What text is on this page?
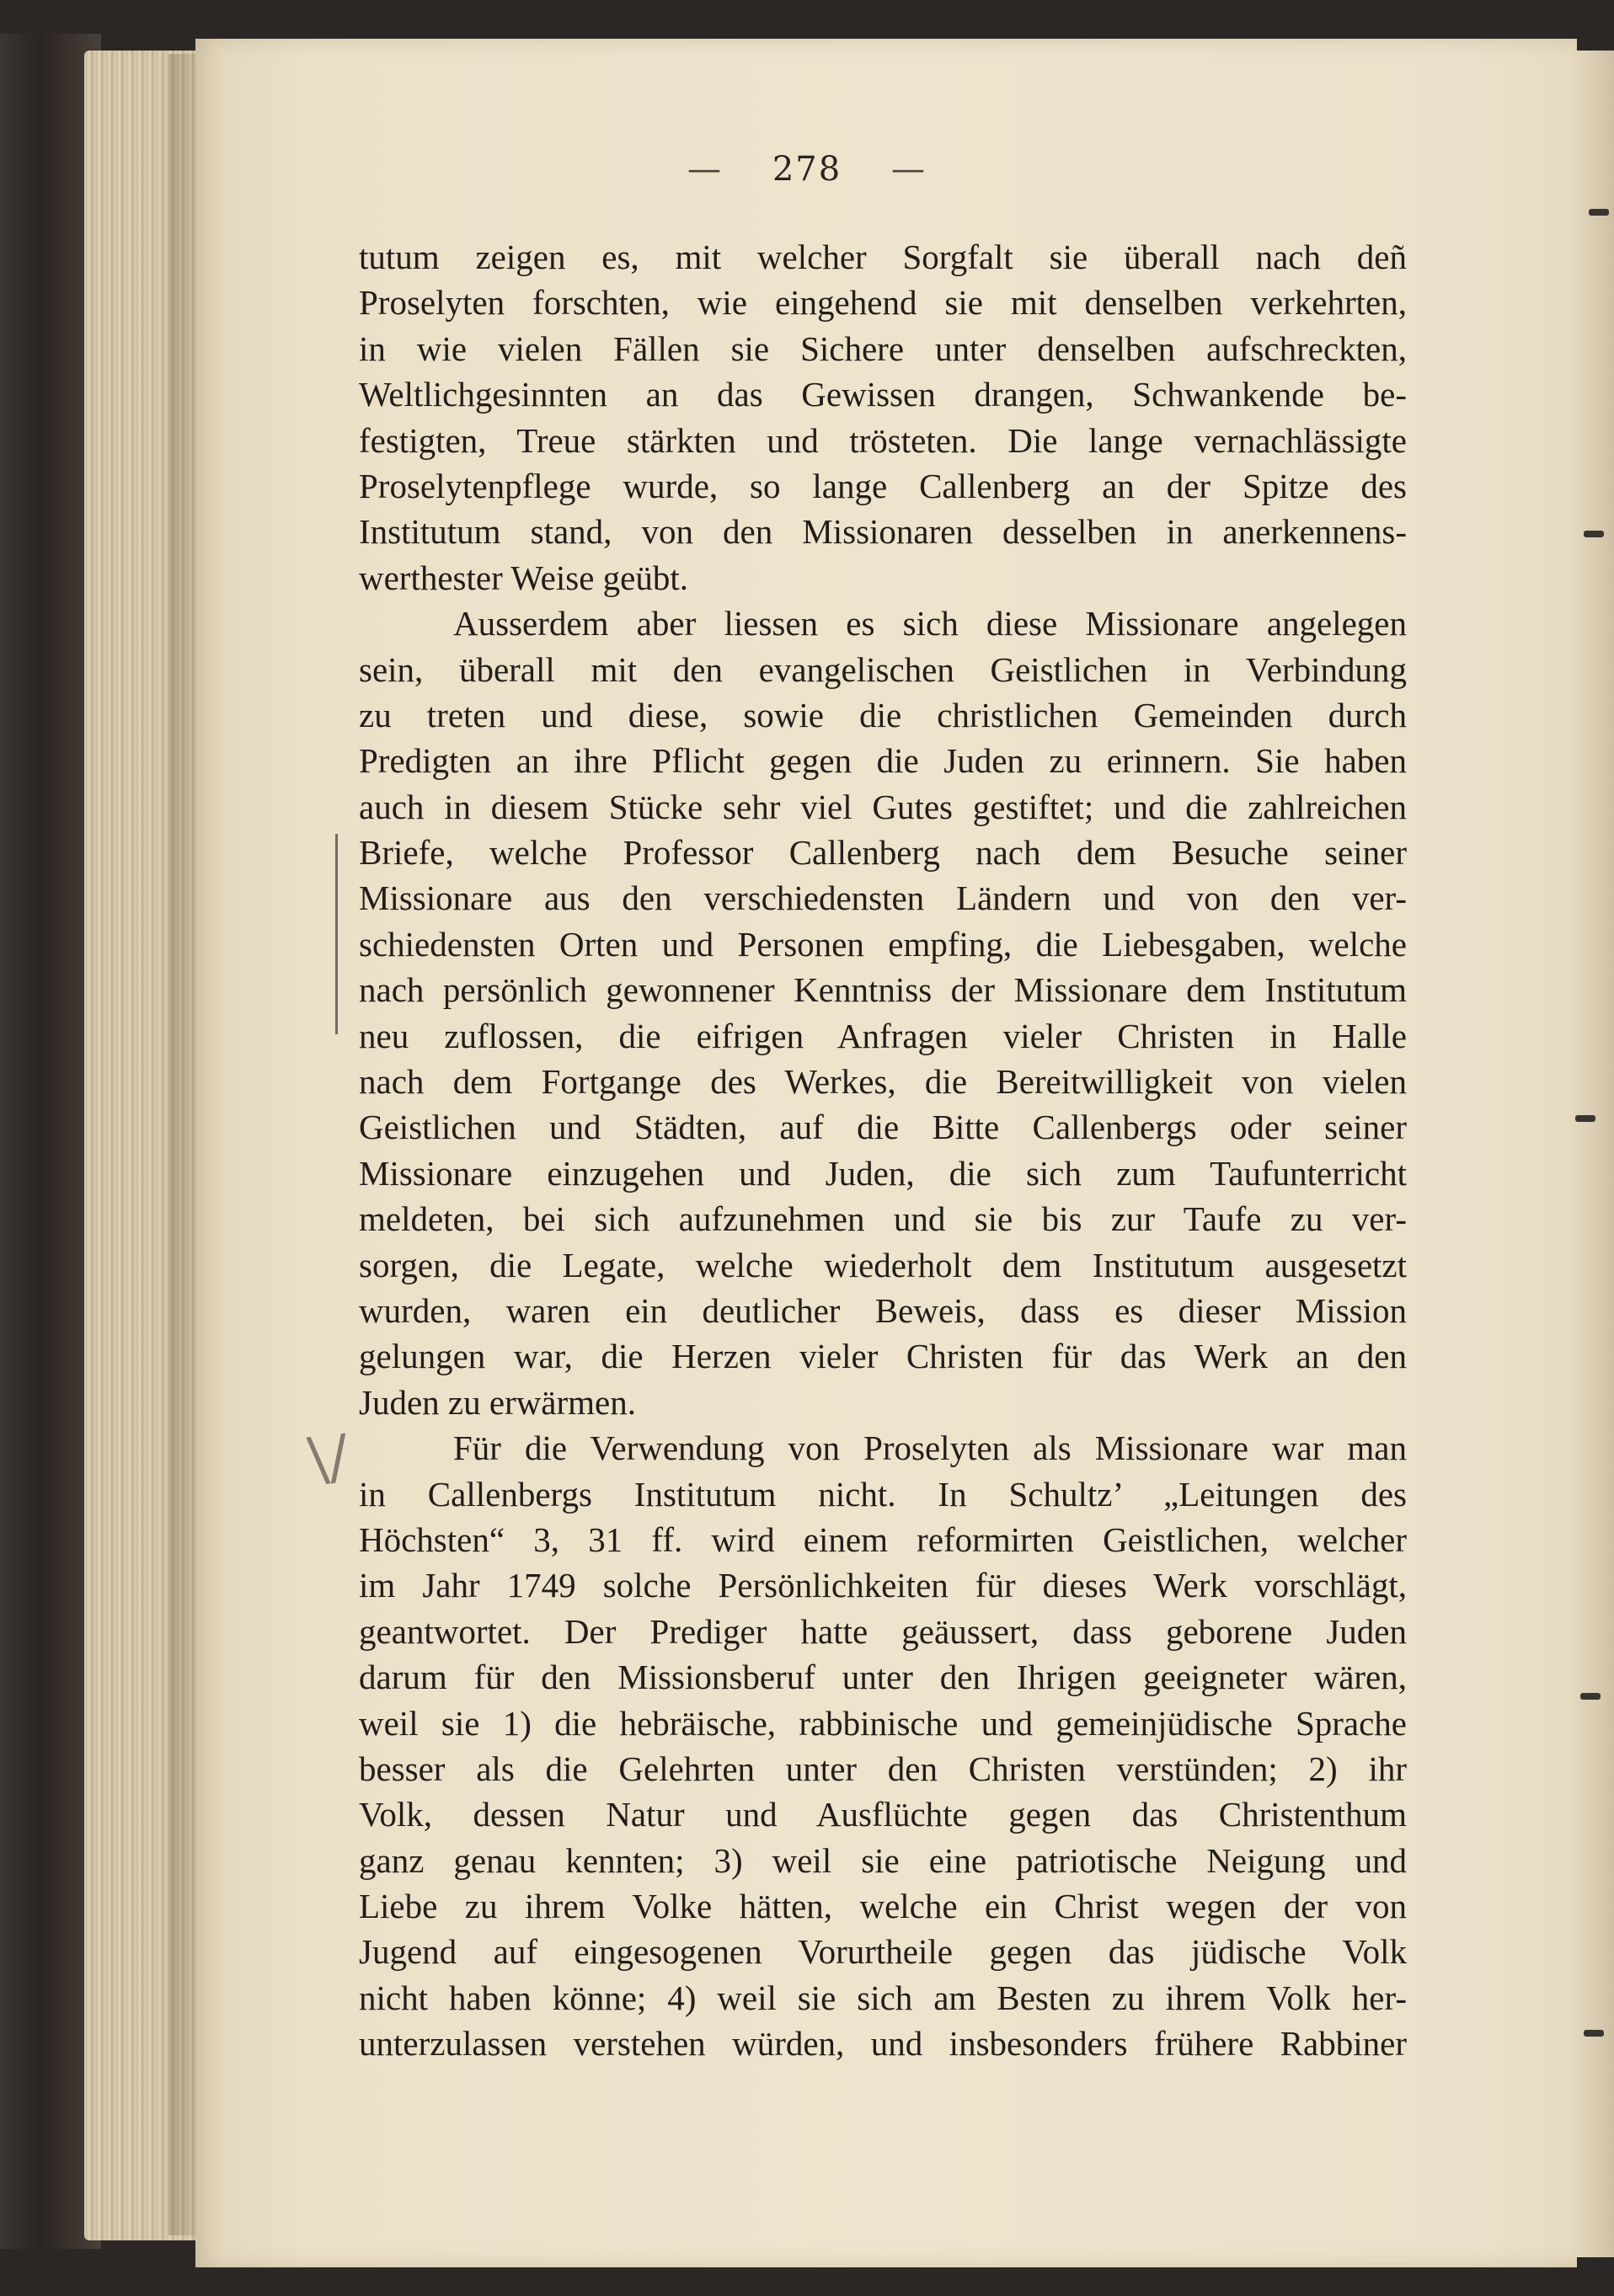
— 278 —
\/
tutum zeigen es, mit welcher Sorgfalt sie überall nach deñ
Proselyten forschten, wie eingehend sie mit denselben verkehrten,
in wie vielen Fällen sie Sichere unter denselben aufschreckten,
Weltlichgesinnten an das Gewissen drangen, Schwankende be-
festigten, Treue stärkten und trösteten. Die lange vernachlässigte
Proselytenpflege wurde, so lange Callenberg an der Spitze des
Institutum stand, von den Missionaren desselben in anerkennens-
werthester Weise geübt.
Ausserdem aber liessen es sich diese Missionare angelegen
sein, überall mit den evangelischen Geistlichen in Verbindung
zu treten und diese, sowie die christlichen Gemeinden durch
Predigten an ihre Pflicht gegen die Juden zu erinnern. Sie haben
auch in diesem Stücke sehr viel Gutes gestiftet; und die zahlreichen
Briefe, welche Professor Callenberg nach dem Besuche seiner
Missionare aus den verschiedensten Ländern und von den ver-
schiedensten Orten und Personen empfing, die Liebesgaben, welche
nach persönlich gewonnener Kenntniss der Missionare dem Institutum
neu zuflossen, die eifrigen Anfragen vieler Christen in Halle
nach dem Fortgange des Werkes, die Bereitwilligkeit von vielen
Geistlichen und Städten, auf die Bitte Callenbergs oder seiner
Missionare einzugehen und Juden, die sich zum Taufunterricht
meldeten, bei sich aufzunehmen und sie bis zur Taufe zu ver-
sorgen, die Legate, welche wiederholt dem Institutum ausgesetzt
wurden, waren ein deutlicher Beweis, dass es dieser Mission
gelungen war, die Herzen vieler Christen für das Werk an den
Juden zu erwärmen.
Für die Verwendung von Proselyten als Missionare war man
in Callenbergs Institutum nicht. In Schultz’ „Leitungen des
Höchsten“ 3, 31 ff. wird einem reformirten Geistlichen, welcher
im Jahr 1749 solche Persönlichkeiten für dieses Werk vorschlägt,
geantwortet. Der Prediger hatte geäussert, dass geborene Juden
darum für den Missionsberuf unter den Ihrigen geeigneter wären,
weil sie 1) die hebräische, rabbinische und gemeinjüdische Sprache
besser als die Gelehrten unter den Christen verstünden; 2) ihr
Volk, dessen Natur und Ausflüchte gegen das Christenthum
ganz genau kennten; 3) weil sie eine patriotische Neigung und
Liebe zu ihrem Volke hätten, welche ein Christ wegen der von
Jugend auf eingesogenen Vorurtheile gegen das jüdische Volk
nicht haben könne; 4) weil sie sich am Besten zu ihrem Volk her-
unterzulassen verstehen würden, und insbesonders frühere Rabbiner
